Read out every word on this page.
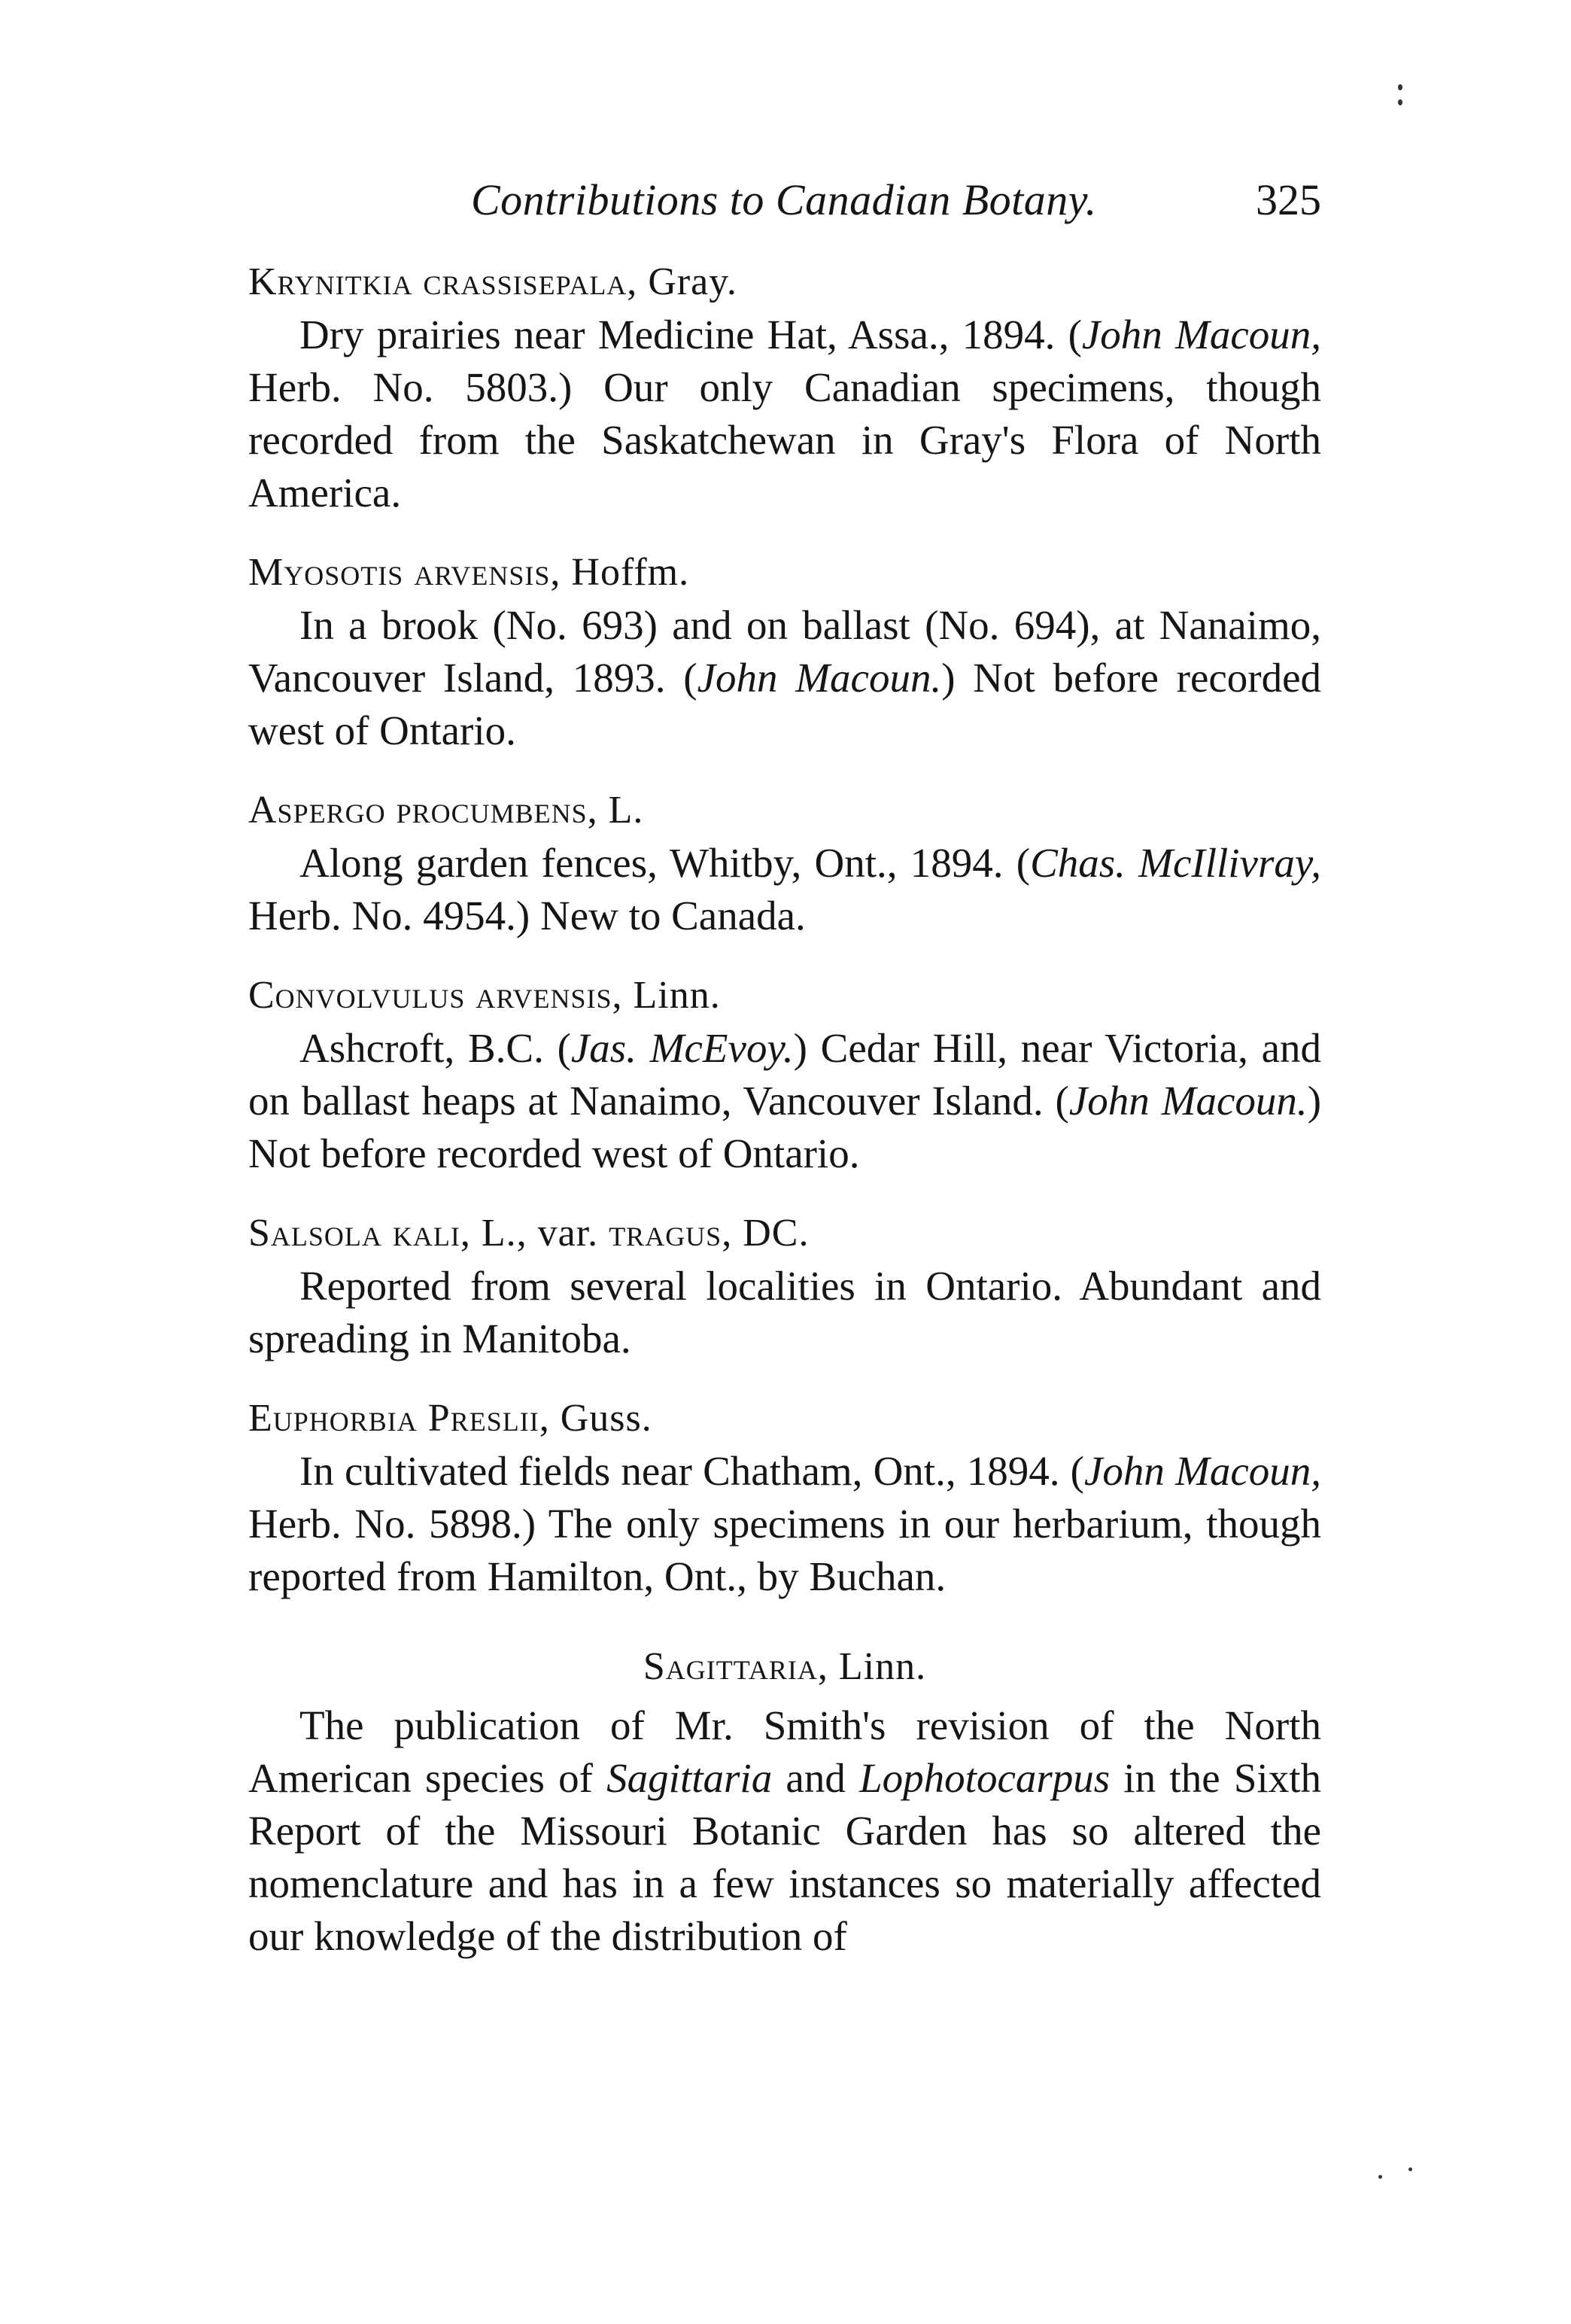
Contributions to Canadian Botany.	325
Krynitkia crassisepala, Gray.

Dry prairies near Medicine Hat, Assa., 1894. (John Macoun, Herb. No. 5803.) Our only Canadian specimens, though recorded from the Saskatchewan in Gray's Flora of North America.

Myosotis arvensis, Hoffm.

In a brook (No. 693) and on ballast (No. 694), at Nanaimo, Vancouver Island, 1893. (John Macoun.) Not before recorded west of Ontario.

Aspergo procumbens, L.

Along garden fences, Whitby, Ont., 1894. (Chas. McIllivray, Herb. No. 4954.) New to Canada.

Convolvulus arvensis, Linn.

Ashcroft, B.C. (Jas. McEvoy.) Cedar Hill, near Victoria, and on ballast heaps at Nanaimo, Vancouver Island. (John Macoun.) Not before recorded west of Ontario.

Salsola kali, L., var. tragus, DC.

Reported from several localities in Ontario. Abundant and spreading in Manitoba.

Euphorbia Preslii, Guss.

In cultivated fields near Chatham, Ont., 1894. (John Macoun, Herb. No. 5898.) The only specimens in our herbarium, though reported from Hamilton, Ont., by Buchan.

Sagittaria, Linn.

The publication of Mr. Smith's revision of the North American species of Sagittaria and Lophotocarpus in the Sixth Report of the Missouri Botanic Garden has so altered the nomenclature and has in a few instances so materially affected our knowledge of the distribution of
